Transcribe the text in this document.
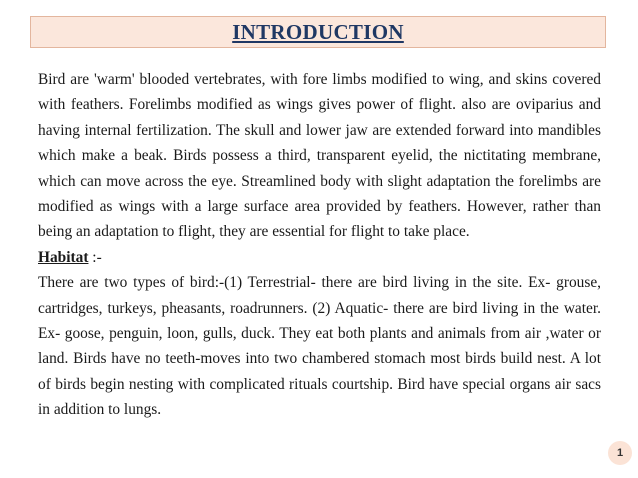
INTRODUCTION

Bird are 'warm' blooded vertebrates, with fore limbs modified to wing, and skins covered with feathers. Forelimbs modified as wings gives power of flight. also are oviparius and having internal fertilization. The skull and lower jaw are extended forward into mandibles which make a beak. Birds possess a third, transparent eyelid, the nictitating membrane, which can move across the eye. Streamlined body with slight adaptation the forelimbs are modified as wings with a large surface area provided by feathers. However, rather than being an adaptation to flight, they are essential for flight to take place.

Habitat :-

There are two types of bird:-(1) Terrestrial- there are bird living in the site. Ex- grouse, cartridges, turkeys, pheasants, roadrunners. (2) Aquatic- there are bird living in the water. Ex- goose, penguin, loon, gulls, duck. They eat both plants and animals from air ,water or land. Birds have no teeth-moves into two chambered stomach most birds build nest. A lot of birds begin nesting with complicated rituals courtship. Bird have special organs air sacs in addition to lungs.

1
